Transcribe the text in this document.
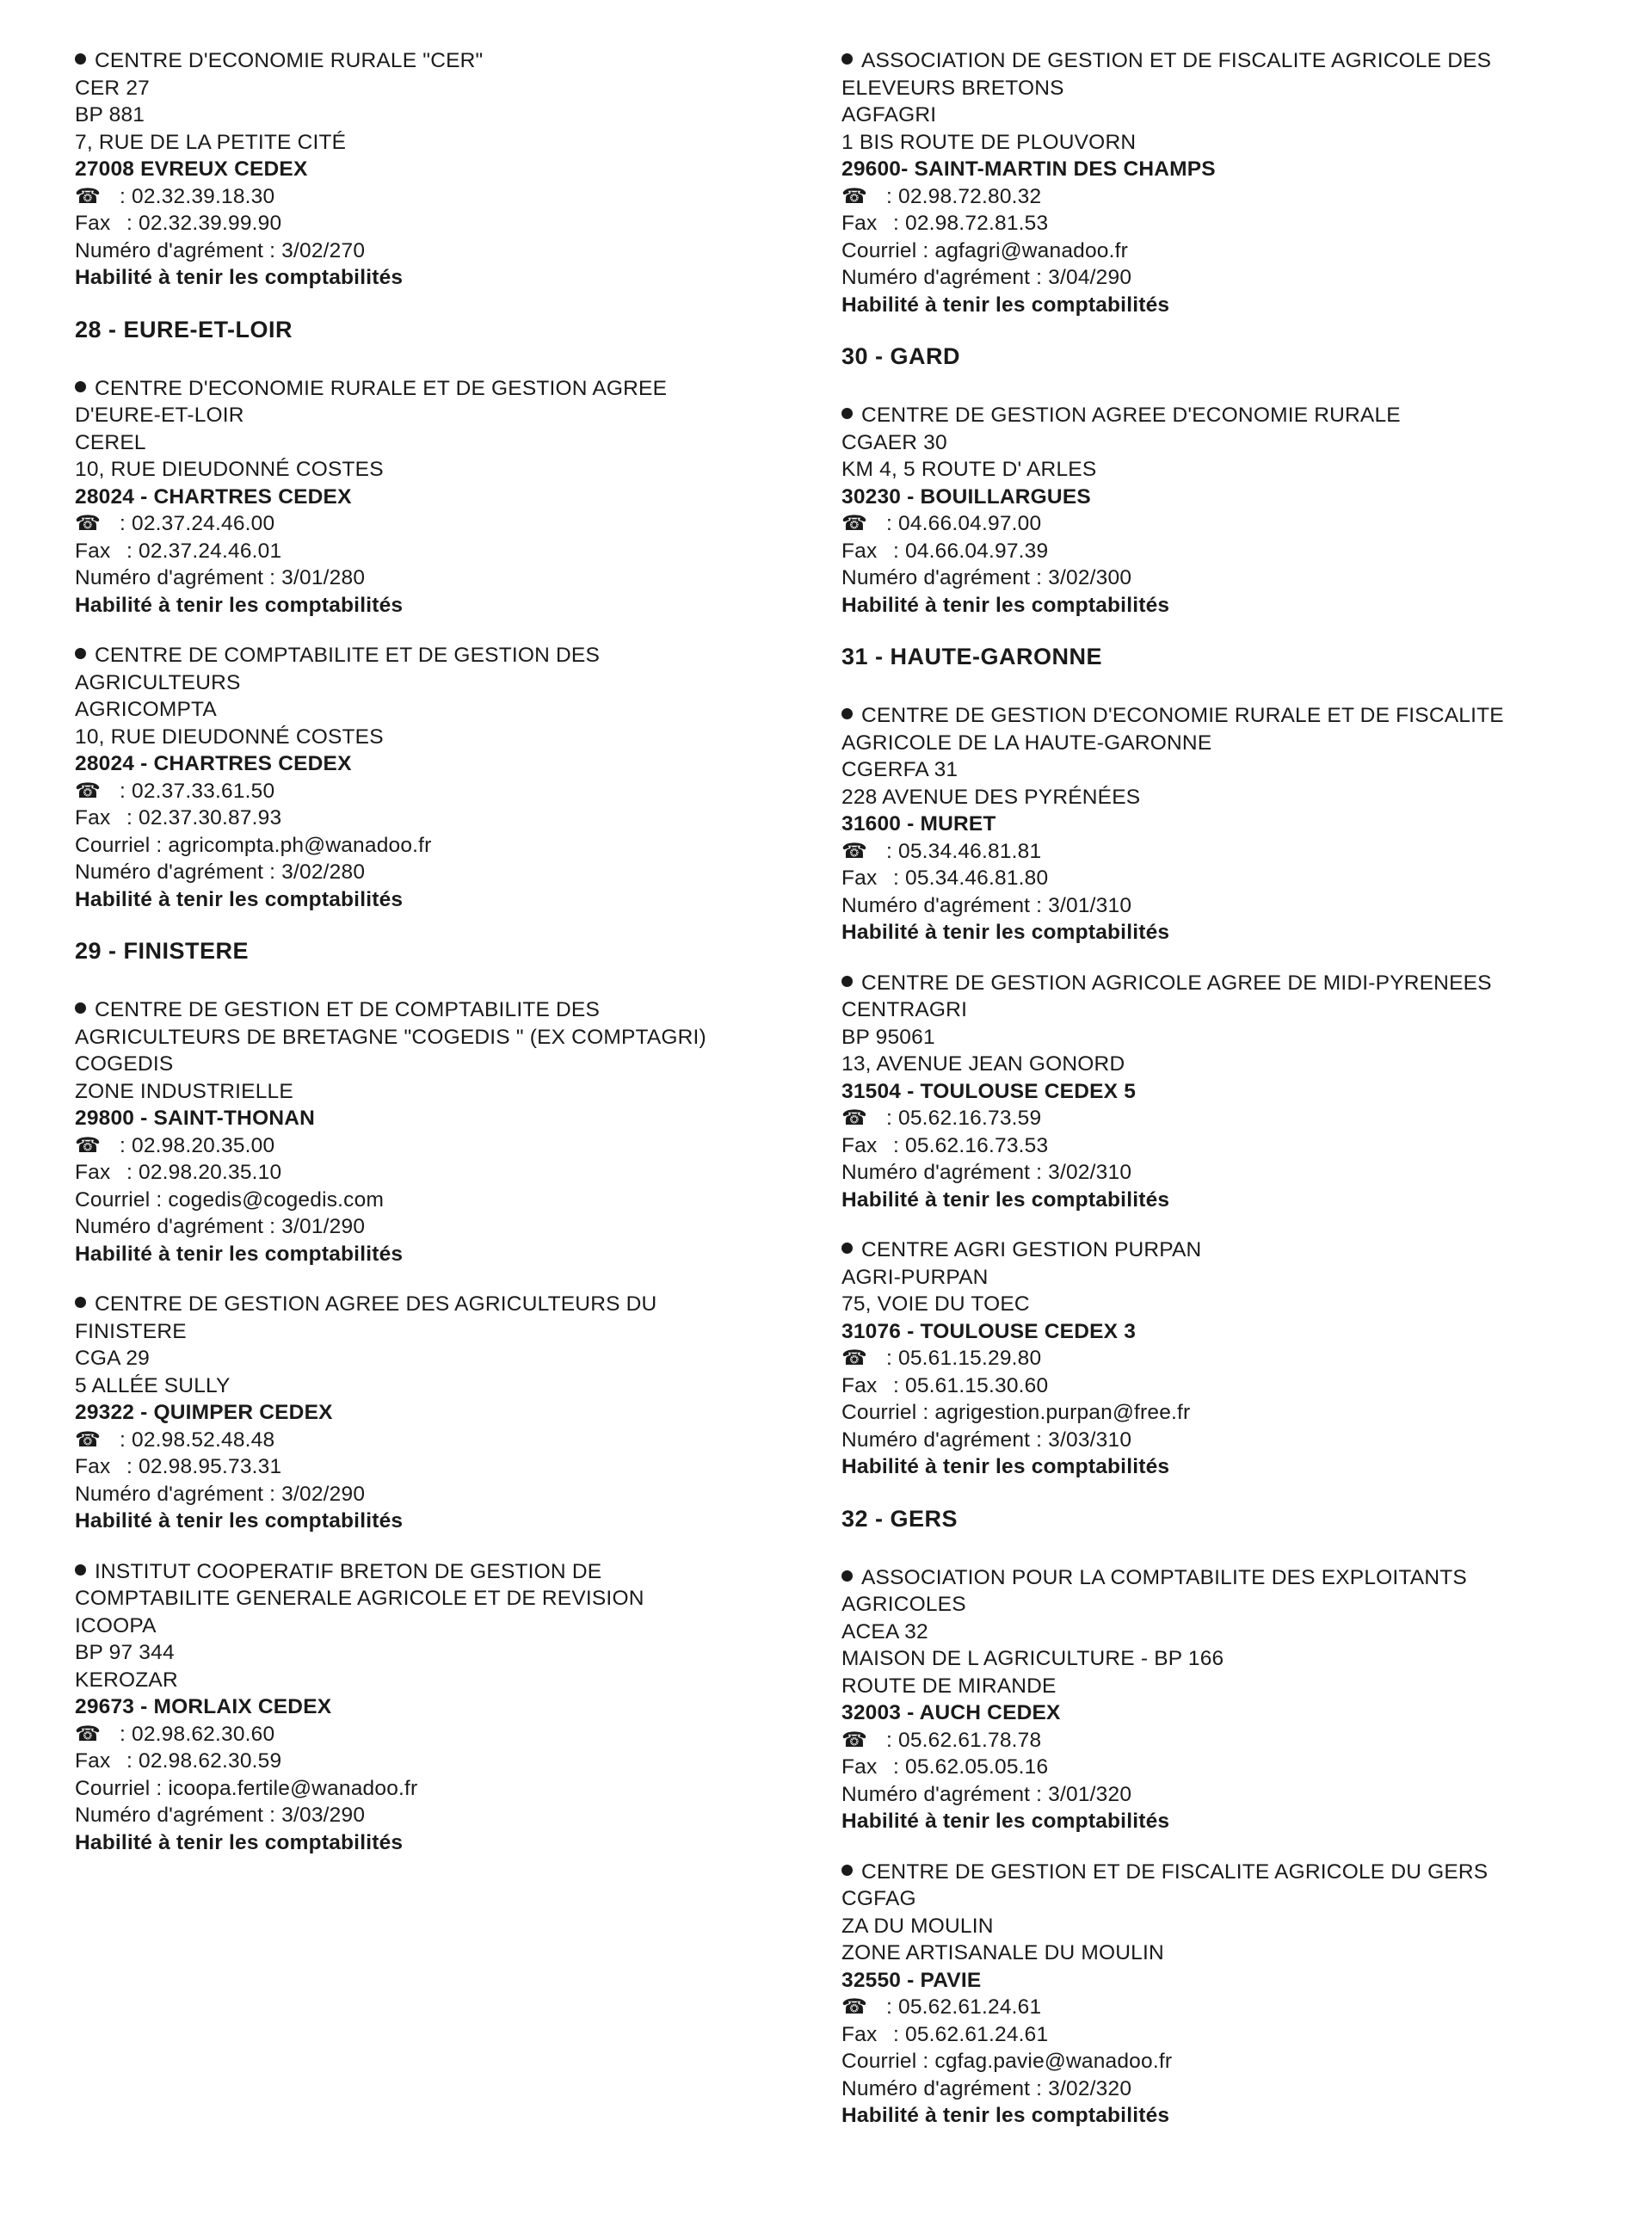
CENTRE D'ECONOMIE RURALE "CER"
CER 27
BP 881
7, RUE DE LA PETITE CITÉ
27008 EVREUX CEDEX
☎ : 02.32.39.18.30
Fax : 02.32.39.99.90
Numéro d'agrément : 3/02/270
Habilité à tenir les comptabilités
28 - EURE-ET-LOIR
CENTRE D'ECONOMIE RURALE ET DE GESTION AGREE
D'EURE-ET-LOIR
CEREL
10, RUE DIEUDONNÉ COSTES
28024 - CHARTRES CEDEX
☎ : 02.37.24.46.00
Fax : 02.37.24.46.01
Numéro d'agrément : 3/01/280
Habilité à tenir les comptabilités
CENTRE DE COMPTABILITE ET DE GESTION DES
AGRICULTEURS
AGRICOMPTA
10, RUE DIEUDONNÉ COSTES
28024 - CHARTRES CEDEX
☎ : 02.37.33.61.50
Fax : 02.37.30.87.93
Courriel : agricompta.ph@wanadoo.fr
Numéro d'agrément : 3/02/280
Habilité à tenir les comptabilités
29 - FINISTERE
CENTRE DE GESTION ET DE COMPTABILITE DES
AGRICULTEURS DE BRETAGNE "COGEDIS " (EX COMPTAGRI)
COGEDIS
ZONE INDUSTRIELLE
29800 - SAINT-THONAN
☎ : 02.98.20.35.00
Fax : 02.98.20.35.10
Courriel : cogedis@cogedis.com
Numéro d'agrément : 3/01/290
Habilité à tenir les comptabilités
CENTRE DE GESTION AGREE DES AGRICULTEURS DU
FINISTERE
CGA 29
5 ALLÉE SULLY
29322 - QUIMPER CEDEX
☎ : 02.98.52.48.48
Fax : 02.98.95.73.31
Numéro d'agrément : 3/02/290
Habilité à tenir les comptabilités
INSTITUT COOPERATIF BRETON DE GESTION DE
COMPTABILITE GENERALE AGRICOLE ET DE REVISION
ICOOPA
BP 97 344
KEROZAR
29673 - MORLAIX CEDEX
☎ : 02.98.62.30.60
Fax : 02.98.62.30.59
Courriel : icoopa.fertile@wanadoo.fr
Numéro d'agrément : 3/03/290
Habilité à tenir les comptabilités
ASSOCIATION DE GESTION ET DE FISCALITE AGRICOLE DES
ELEVEURS BRETONS
AGFAGRI
1 BIS ROUTE DE PLOUVORN
29600- SAINT-MARTIN DES CHAMPS
☎ : 02.98.72.80.32
Fax : 02.98.72.81.53
Courriel : agfagri@wanadoo.fr
Numéro d'agrément : 3/04/290
Habilité à tenir les comptabilités
30 - GARD
CENTRE DE GESTION AGREE D'ECONOMIE RURALE
CGAER 30
KM 4, 5 ROUTE D' ARLES
30230 - BOUILLARGUES
☎ : 04.66.04.97.00
Fax : 04.66.04.97.39
Numéro d'agrément : 3/02/300
Habilité à tenir les comptabilités
31 - HAUTE-GARONNE
CENTRE DE GESTION D'ECONOMIE RURALE ET DE FISCALITE
AGRICOLE DE LA HAUTE-GARONNE
CGERFA 31
228 AVENUE DES PYRÉNÉES
31600 - MURET
☎ : 05.34.46.81.81
Fax : 05.34.46.81.80
Numéro d'agrément : 3/01/310
Habilité à tenir les comptabilités
CENTRE DE GESTION AGRICOLE AGREE DE MIDI-PYRENEES
CENTRAGRI
BP 95061
13, AVENUE JEAN GONORD
31504 - TOULOUSE CEDEX 5
☎ : 05.62.16.73.59
Fax : 05.62.16.73.53
Numéro d'agrément : 3/02/310
Habilité à tenir les comptabilités
CENTRE AGRI GESTION PURPAN
AGRI-PURPAN
75, VOIE DU TOEC
31076 - TOULOUSE CEDEX 3
☎ : 05.61.15.29.80
Fax : 05.61.15.30.60
Courriel : agrigestion.purpan@free.fr
Numéro d'agrément : 3/03/310
Habilité à tenir les comptabilités
32 - GERS
ASSOCIATION POUR LA COMPTABILITE DES EXPLOITANTS
AGRICOLES
ACEA 32
MAISON DE L AGRICULTURE - BP 166
ROUTE DE MIRANDE
32003 - AUCH CEDEX
☎ : 05.62.61.78.78
Fax : 05.62.05.05.16
Numéro d'agrément : 3/01/320
Habilité à tenir les comptabilités
CENTRE DE GESTION ET DE FISCALITE AGRICOLE DU GERS
CGFAG
ZA DU MOULIN
ZONE ARTISANALE DU MOULIN
32550 - PAVIE
☎ : 05.62.61.24.61
Fax : 05.62.61.24.61
Courriel : cgfag.pavie@wanadoo.fr
Numéro d'agrément : 3/02/320
Habilité à tenir les comptabilités
